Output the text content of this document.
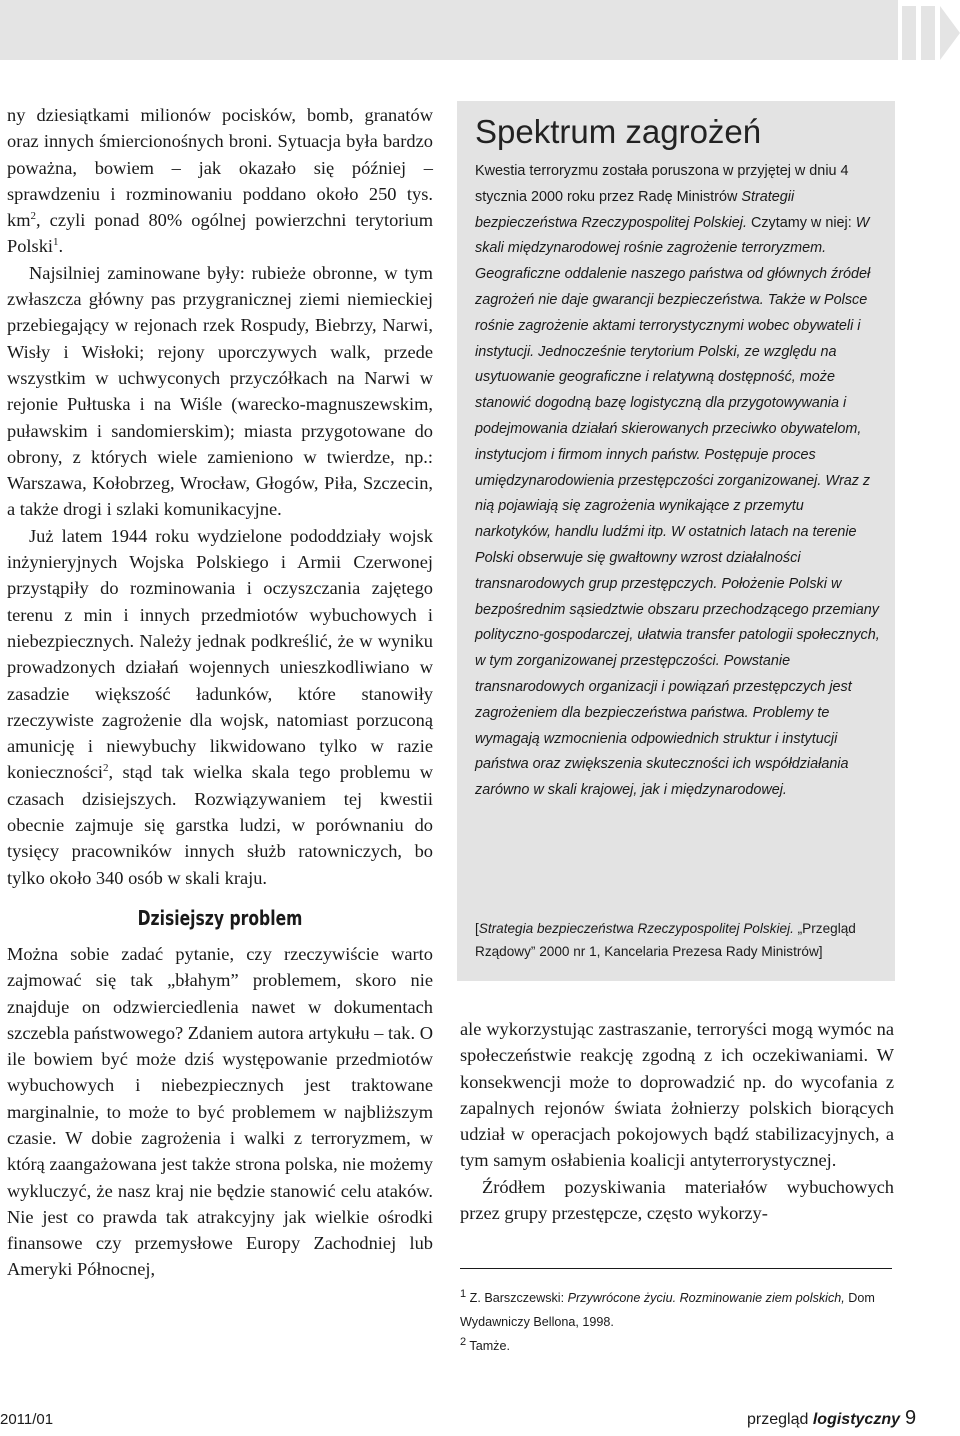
ny dziesiątkami milionów pocisków, bomb, granatów oraz innych śmiercionośnych broni. Sytuacja była bardzo poważna, bowiem – jak okazało się później – sprawdzeniu i rozminowaniu poddano około 250 tys. $km^2$, czyli ponad 80% ogólnej powierzchni terytorium Polski$^1$.

Najsilniej zaminowane były: rubieże obronne, w tym zwłaszcza główny pas przygranicznej ziemi niemieckiej przebiegający w rejonach rzek Rospudy, Biebrzy, Narwi, Wisły i Wisłoki; rejony uporczywych walk, przede wszystkim w uchwyconych przyczółkach na Narwi w rejonie Pułtuska i na Wiśle (warecko-magnuszewskim, puławskim i sandomierskim); miasta przygotowane do obrony, z których wiele zamieniono w twierdze, np.: Warszawa, Kołobrzeg, Wrocław, Głogów, Piła, Szczecin, a także drogi i szlaki komunikacyjne.

Już latem 1944 roku wydzielone pododdziały wojsk inżynieryjnych Wojska Polskiego i Armii Czerwonej przystąpiły do rozminowania i oczyszczania zajętego terenu z min i innych przedmiotów wybuchowych i niebezpiecznych. Należy jednak podkreślić, że w wyniku prowadzonych działań wojennych unieszkodliwiano w zasadzie większość ładunków, które stanowiły rzeczywiste zagrożenie dla wojsk, natomiast porzuconą amunicję i niewybuchy likwidowano tylko w razie konieczności$^2$, stąd tak wielka skala tego problemu w czasach dzisiejszych. Rozwiązywaniem tej kwestii obecnie zajmuje się garstka ludzi, w porównaniu do tysięcy pracowników innych służb ratowniczych, bo tylko około 340 osób w skali kraju.

Dzisiejszy problem

Można sobie zadać pytanie, czy rzeczywiście warto zajmować się tak „błahym” problemem, skoro nie znajduje on odzwierciedlenia nawet w dokumentach szczebla państwowego? Zdaniem autora artykułu – tak. O ile bowiem być może dziś występowanie przedmiotów wybuchowych i niebezpiecznych jest traktowane marginalnie, to może to być problemem w najbliższym czasie. W dobie zagrożenia i walki z terroryzmem, w którą zaangażowana jest także strona polska, nie możemy wykluczyć, że nasz kraj nie będzie stanowić celu ataków. Nie jest co prawda tak atrakcyjny jak wielkie ośrodki finansowe czy przemysłowe Europy Zachodniej lub Ameryki Północnej,

Spektrum zagrożeń

Kwestia terroryzmu została poruszona w przyjętej w dniu 4 stycznia 2000 roku przez Radę Ministrów Strategii bezpieczeństwa Rzeczypospolitej Polskiej. Czytamy w niej: W skali międzynarodowej rośnie zagrożenie terroryzmem. Geograficzne oddalenie naszego państwa od głównych źródeł zagrożeń nie daje gwarancji bezpieczeństwa. Także w Polsce rośnie zagrożenie aktami terrorystycznymi wobec obywateli i instytucji. Jednocześnie terytorium Polski, ze względu na usytuowanie geograficzne i relatywną dostępność, może stanowić dogodną bazę logistyczną dla przygotowywania i podejmowania działań skierowanych przeciwko obywatelom, instytucjom i firmom innych państw. Postępuje proces umiędzynarodowienia przestępczości zorganizowanej. Wraz z nią pojawiają się zagrożenia wynikające z przemytu narkotyków, handlu ludźmi itp. W ostatnich latach na terenie Polski obserwuje się gwałtowny wzrost działalności transnarodowych grup przestępczych. Położenie Polski w bezpośrednim sąsiedztwie obszaru przechodzącego przemiany polityczno-gospodarczej, ułatwia transfer patologii społecznych, w tym zorganizowanej przestępczości. Powstanie transnarodowych organizacji i powiązań przestępczych jest zagrożeniem dla bezpieczeństwa państwa. Problemy te wymagają wzmocnienia odpowiednich struktur i instytucji państwa oraz zwiększenia skuteczności ich współdziałania zarówno w skali krajowej, jak i międzynarodowej.

[Strategia bezpieczeństwa Rzeczypospolitej Polskiej. „Przegląd Rządowy” 2000 nr 1, Kancelaria Prezesa Rady Ministrów]

ale wykorzystując zastraszanie, terroryści mogą wymóc na społeczeństwie reakcję zgodną z ich oczekiwaniami. W konsekwencji może to doprowadzić np. do wycofania z zapalnych rejonów świata żołnierzy polskich biorących udział w operacjach pokojowych bądź stabilizacyjnych, a tym samym osłabienia koalicji antyterrorystycznej.

Źródłem pozyskiwania materiałów wybuchowych przez grupy przestępcze, często wykorzy-

1 Z. Barszczewski: Przywrócone życiu. Rozminowanie ziem polskich, Dom Wydawniczy Bellona, 1998.

2 Tamże.

2011/01	przegląd logistyczny 9
